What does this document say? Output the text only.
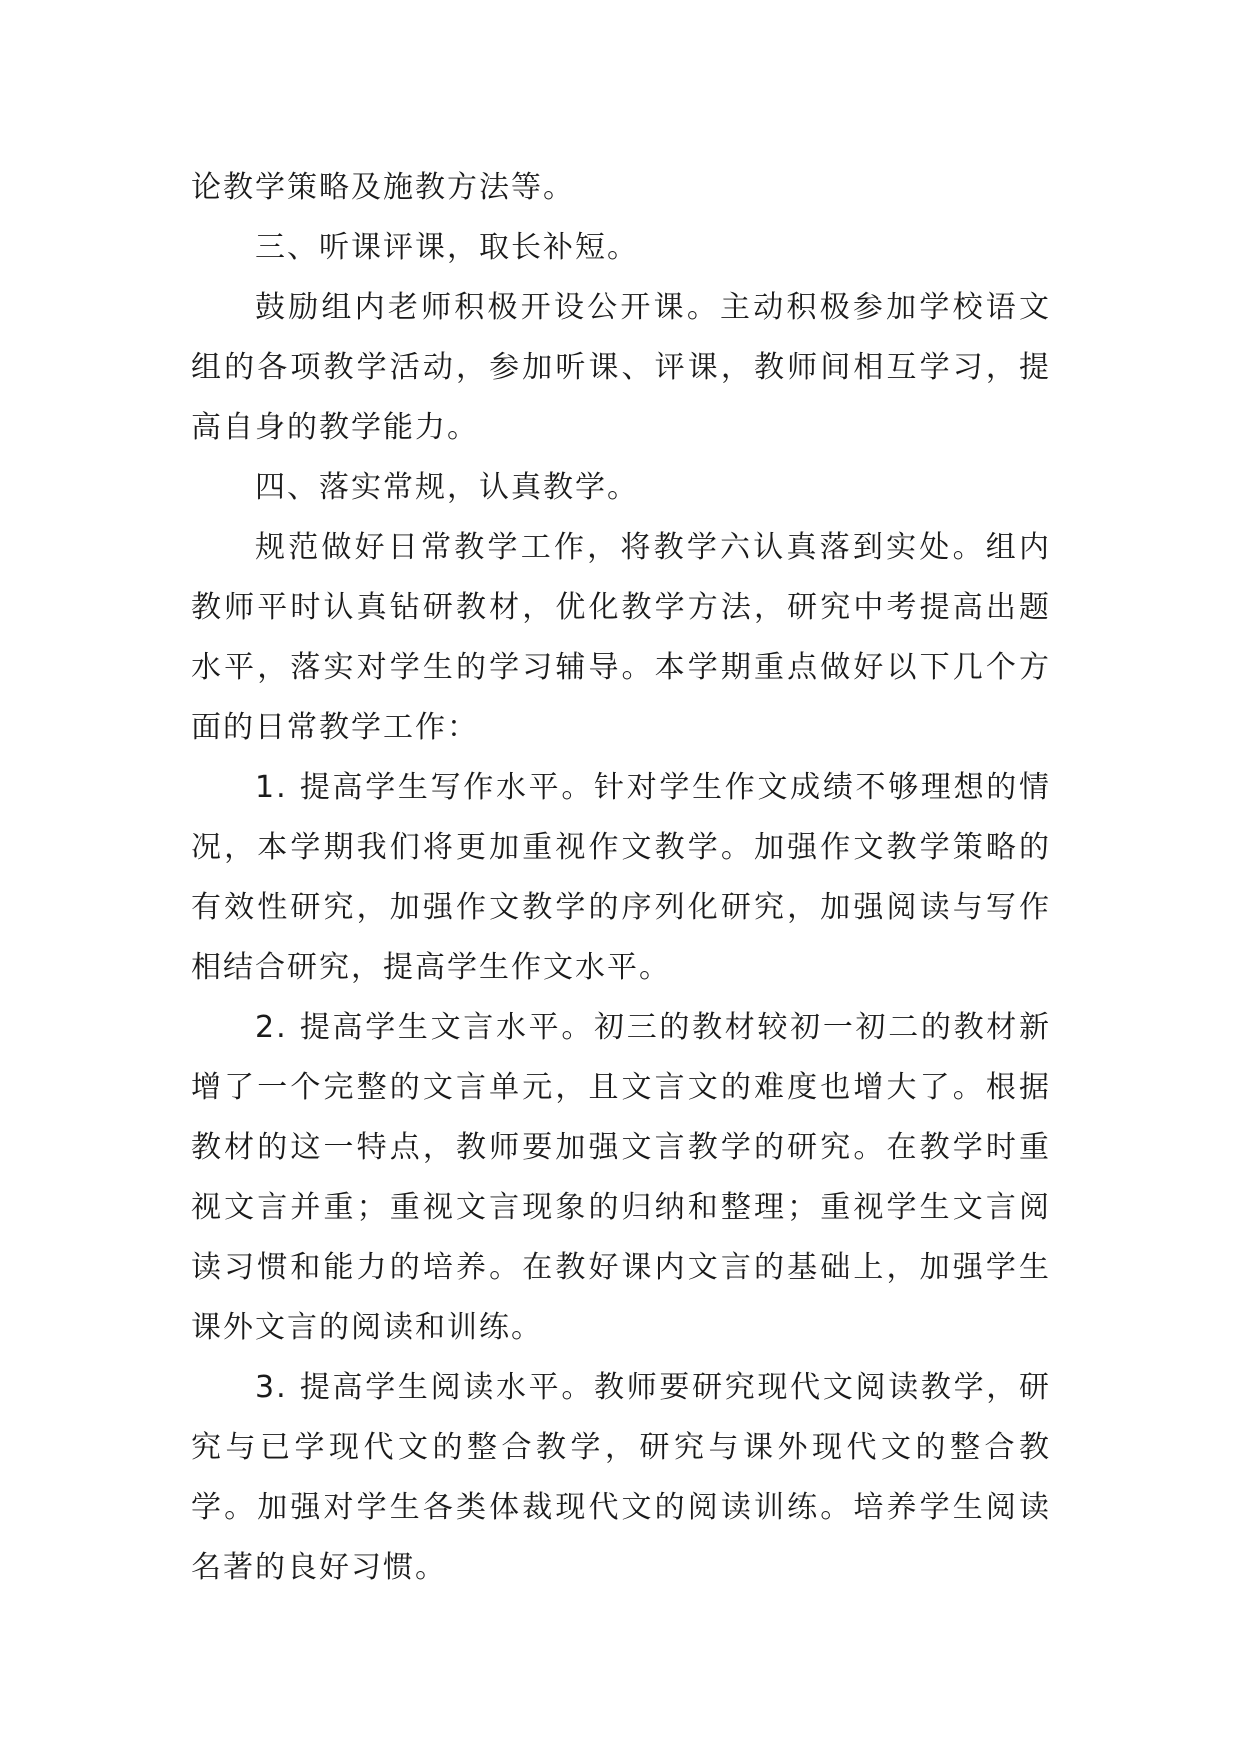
论教学策略及施教方法等。

三、听课评课，取长补短。

鼓励组内老师积极开设公开课。主动积极参加学校语文组的各项教学活动，参加听课、评课，教师间相互学习，提高自身的教学能力。

四、落实常规，认真教学。

规范做好日常教学工作，将教学六认真落到实处。组内教师平时认真钻研教材，优化教学方法，研究中考提高出题水平，落实对学生的学习辅导。本学期重点做好以下几个方面的日常教学工作：

1. 提高学生写作水平。针对学生作文成绩不够理想的情况，本学期我们将更加重视作文教学。加强作文教学策略的有效性研究，加强作文教学的序列化研究，加强阅读与写作相结合研究，提高学生作文水平。

2. 提高学生文言水平。初三的教材较初一初二的教材新增了一个完整的文言单元，且文言文的难度也增大了。根据教材的这一特点，教师要加强文言教学的研究。在教学时重视文言并重；重视文言现象的归纳和整理；重视学生文言阅读习惯和能力的培养。在教好课内文言的基础上，加强学生课外文言的阅读和训练。

3. 提高学生阅读水平。教师要研究现代文阅读教学，研究与已学现代文的整合教学，研究与课外现代文的整合教学。加强对学生各类体裁现代文的阅读训练。培养学生阅读名著的良好习惯。
